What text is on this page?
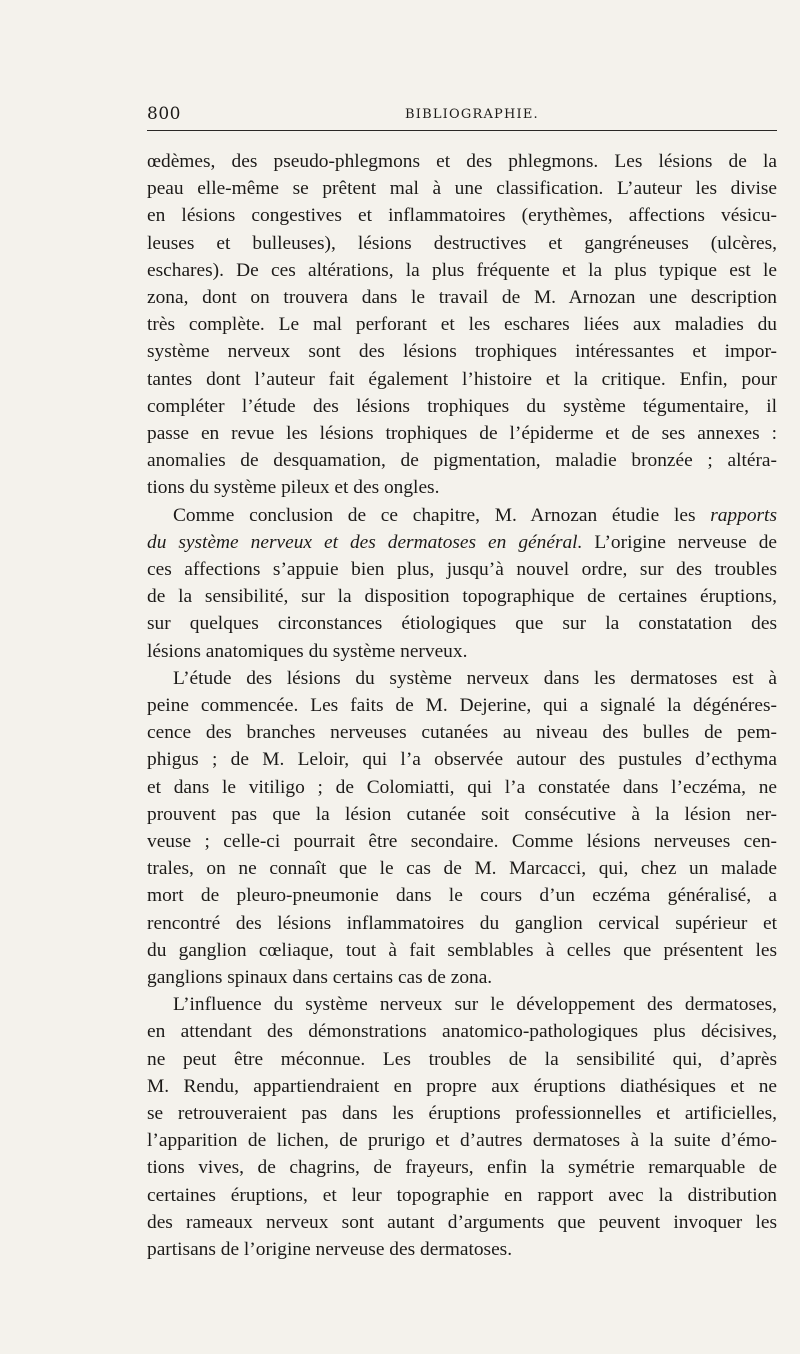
800	BIBLIOGRAPHIE.
œdèmes, des pseudo-phlegmons et des phlegmons. Les lésions de la
peau elle-même se prêtent mal à une classification. L’auteur les divise
en lésions congestives et inflammatoires (erythèmes, affections vésicu-
leuses et bulleuses), lésions destructives et gangréneuses (ulcères,
eschares). De ces altérations, la plus fréquente et la plus typique est le
zona, dont on trouvera dans le travail de M. Arnozan une description
très complète. Le mal perforant et les eschares liées aux maladies du
système nerveux sont des lésions trophiques intéressantes et impor-
tantes dont l’auteur fait également l’histoire et la critique. Enfin, pour
compléter l’étude des lésions trophiques du système tégumentaire, il
passe en revue les lésions trophiques de l’épiderme et de ses annexes :
anomalies de desquamation, de pigmentation, maladie bronzée ; altéra-
tions du système pileux et des ongles.
Comme conclusion de ce chapitre, M. Arnozan étudie les rapports
du système nerveux et des dermatoses en général. L’origine nerveuse de
ces affections s’appuie bien plus, jusqu’à nouvel ordre, sur des troubles
de la sensibilité, sur la disposition topographique de certaines éruptions,
sur quelques circonstances étiologiques que sur la constatation des
lésions anatomiques du système nerveux.
L’étude des lésions du système nerveux dans les dermatoses est à
peine commencée. Les faits de M. Dejerine, qui a signalé la dégénéres-
cence des branches nerveuses cutanées au niveau des bulles de pem-
phigus ; de M. Leloir, qui l’a observée autour des pustules d’ecthyma
et dans le vitiligo ; de Colomiatti, qui l’a constatée dans l’eczéma, ne
prouvent pas que la lésion cutanée soit consécutive à la lésion ner-
veuse ; celle-ci pourrait être secondaire. Comme lésions nerveuses cen-
trales, on ne connaît que le cas de M. Marcacci, qui, chez un malade
mort de pleuro-pneumonie dans le cours d’un eczéma généralisé, a
rencontré des lésions inflammatoires du ganglion cervical supérieur et
du ganglion cœliaque, tout à fait semblables à celles que présentent les
ganglions spinaux dans certains cas de zona.
L’influence du système nerveux sur le développement des dermatoses,
en attendant des démonstrations anatomico-pathologiques plus décisives,
ne peut être méconnue. Les troubles de la sensibilité qui, d’après
M. Rendu, appartiendraient en propre aux éruptions diathésiques et ne
se retrouveraient pas dans les éruptions professionnelles et artificielles,
l’apparition de lichen, de prurigo et d’autres dermatoses à la suite d’émo-
tions vives, de chagrins, de frayeurs, enfin la symétrie remarquable de
certaines éruptions, et leur topographie en rapport avec la distribution
des rameaux nerveux sont autant d’arguments que peuvent invoquer les
partisans de l’origine nerveuse des dermatoses.
